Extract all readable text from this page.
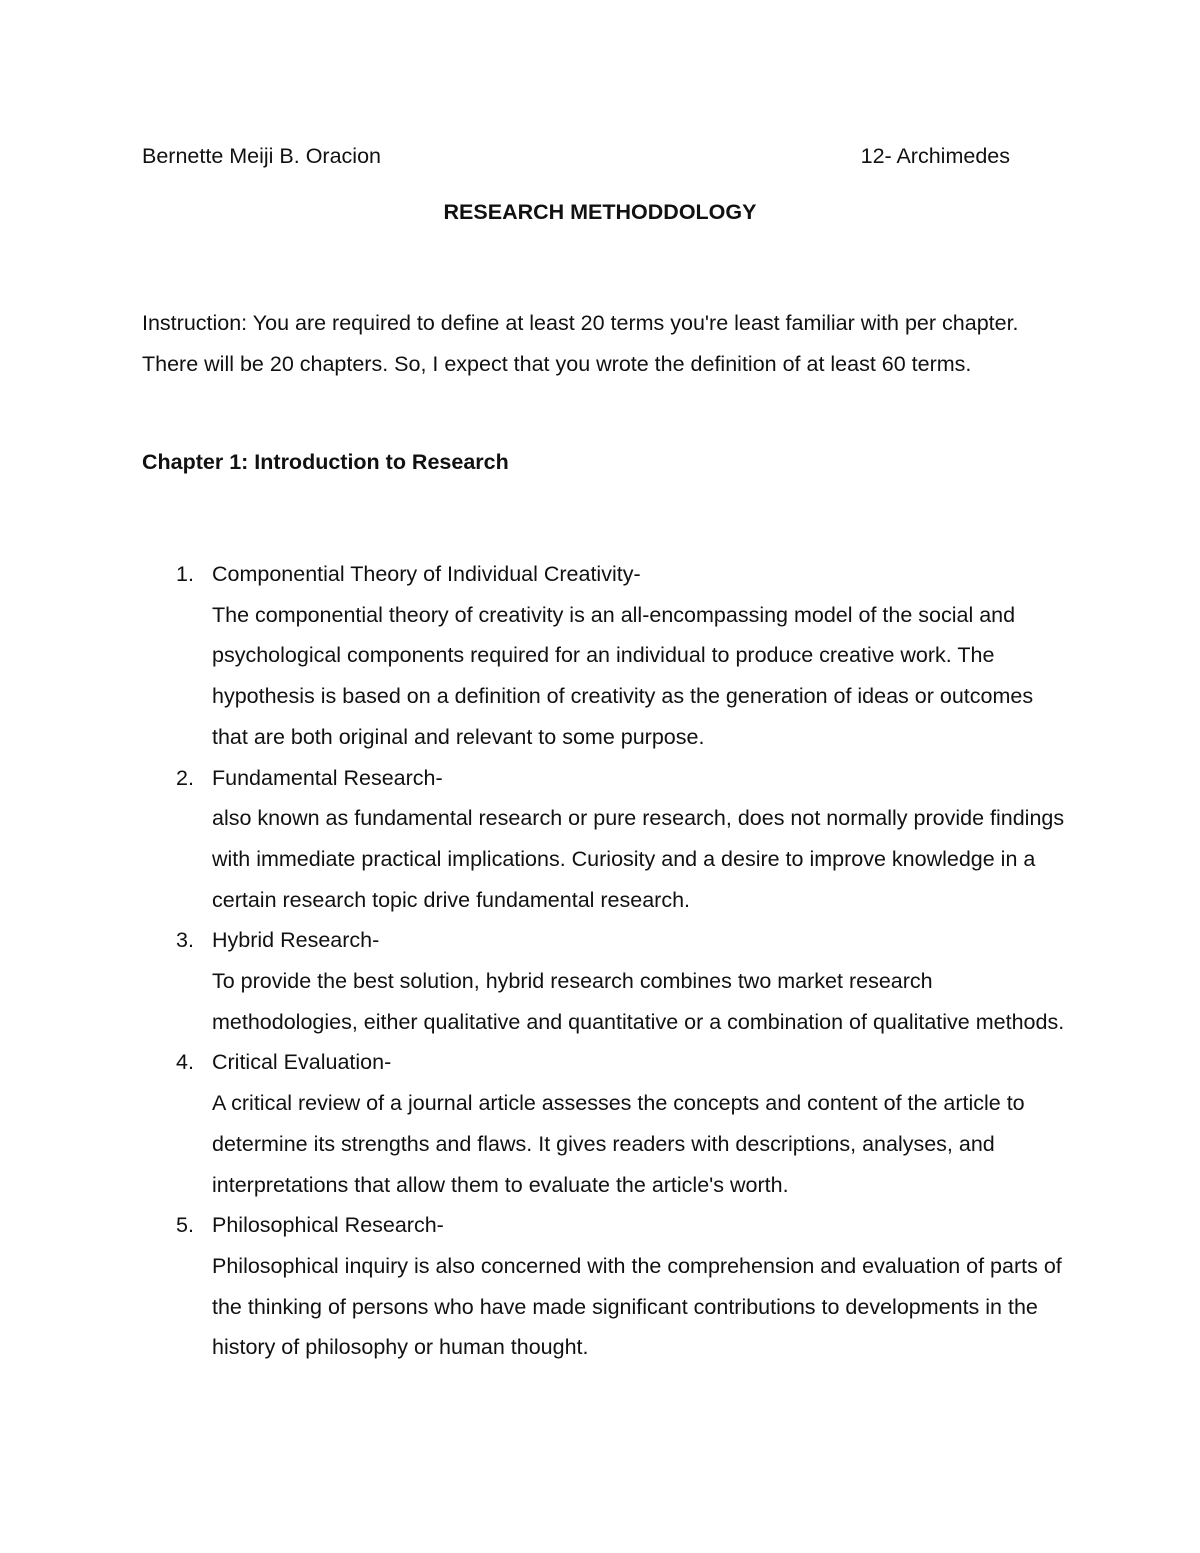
Bernette Meiji B. Oracion	12- Archimedes
RESEARCH METHODDOLOGY

Instruction: You are required to define at least 20 terms you're least familiar with per chapter. There will be 20 chapters. So, I expect that you wrote the definition of at least 60 terms.

Chapter 1: Introduction to Research
1. Componential Theory of Individual Creativity-
The componential theory of creativity is an all-encompassing model of the social and psychological components required for an individual to produce creative work. The hypothesis is based on a definition of creativity as the generation of ideas or outcomes that are both original and relevant to some purpose.
2. Fundamental Research-
also known as fundamental research or pure research, does not normally provide findings with immediate practical implications. Curiosity and a desire to improve knowledge in a certain research topic drive fundamental research.
3. Hybrid Research-
To provide the best solution, hybrid research combines two market research methodologies, either qualitative and quantitative or a combination of qualitative methods.
4. Critical Evaluation-
A critical review of a journal article assesses the concepts and content of the article to determine its strengths and flaws. It gives readers with descriptions, analyses, and interpretations that allow them to evaluate the article's worth.
5. Philosophical Research-
Philosophical inquiry is also concerned with the comprehension and evaluation of parts of the thinking of persons who have made significant contributions to developments in the history of philosophy or human thought.
